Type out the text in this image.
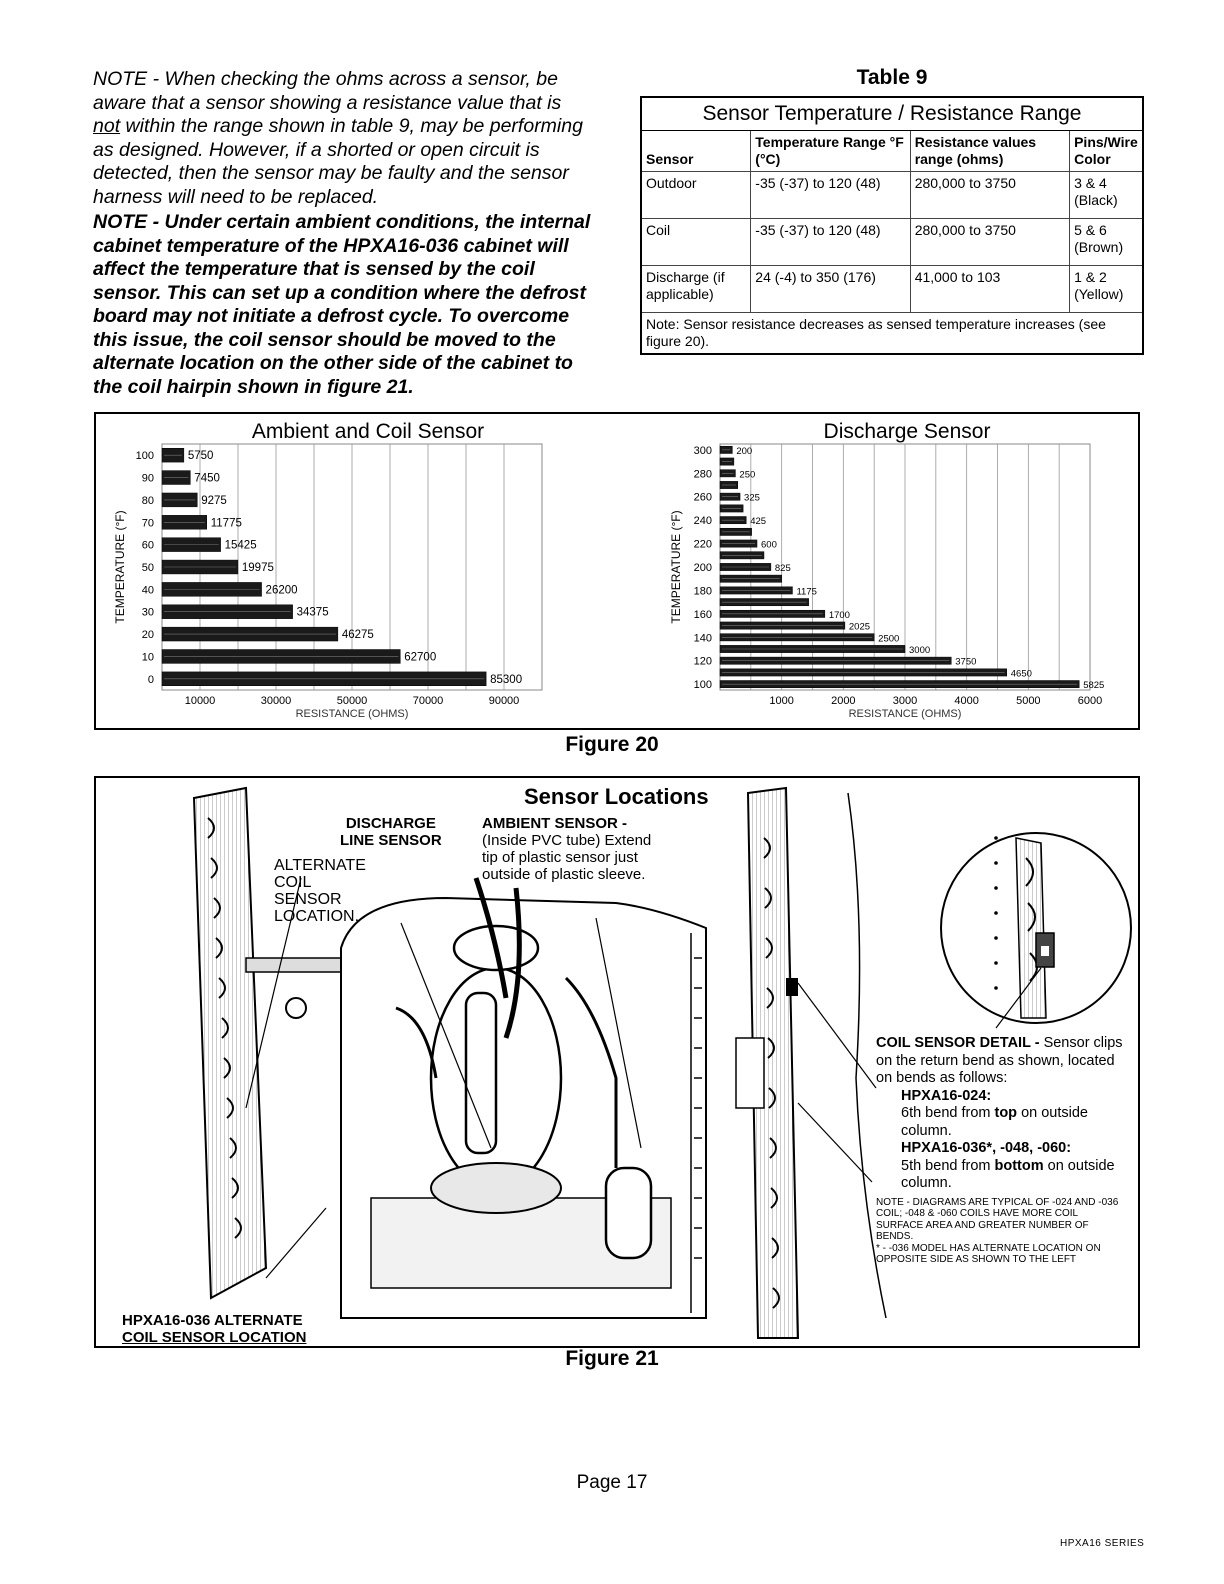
NOTE - When checking the ohms across a sensor, be aware that a sensor showing a resistance value that is not within the range shown in table 9, may be performing as designed. However, if a shorted or open circuit is detected, then the sensor may be faulty and the sensor harness will need to be replaced.
NOTE - Under certain ambient conditions, the internal cabinet temperature of the HPXA16-036 cabinet will affect the temperature that is sensed by the coil sensor. This can set up a condition where the defrost board may not initiate a defrost cycle. To overcome this issue, the coil sensor should be moved to the alternate location on the other side of the cabinet to the coil hairpin shown in figure 21.
Table 9
Sensor Temperature / Resistance Range			
Sensor	Temperature Range °F (°C)	Resistance values range (ohms)	Pins/Wire Color
Outdoor	-35 (-37) to 120 (48)	280,000 to 3750	3 & 4 (Black)
Coil	-35 (-37) to 120 (48)	280,000 to 3750	5 & 6 (Brown)
Discharge (if applicable)	24 (-4) to 350 (176)	41,000 to 103	1 & 2 (Yellow)
Note: Sensor resistance decreases as sensed temperature increases (see figure 20).			
Ambient and Coil Sensor
5750
7450
9275
11775
15425
19975
26200
34375
46275
62700
85300
100
90
80
70
60
50
40
30
20
10
0
10000	30000	50000	70000	90000
RESISTANCE (OHMS)
TEMPERATURE (°F)
Discharge Sensor
200
250
325
425
600
825
1175
1700
2025
2500
3000
3750
4650
5825
300
280
260
240
220
200
180
160
140
120
100
1000	2000	3000	4000	5000	6000
RESISTANCE (OHMS)
TEMPERATURE (°F)
Figure 20
Sensor Locations
DISCHARGE
LINE SENSOR
AMBIENT SENSOR -
(Inside PVC tube) Extend
tip of plastic sensor just
outside of plastic sleeve.
ALTERNATE
COIL
SENSOR
LOCATION.
HPXA16-036 ALTERNATE
COIL SENSOR LOCATION
COIL SENSOR DETAIL - Sensor clips on the return bend as shown, located on bends as follows:
HPXA16-024:
6th bend from top on outside column.
HPXA16-036*, -048, -060:
5th bend from bottom on outside column.
NOTE - DIAGRAMS ARE TYPICAL OF -024 AND -036 COIL; -048 & -060 COILS HAVE MORE COIL SURFACE AREA AND GREATER NUMBER OF BENDS.
* - -036 MODEL HAS ALTERNATE LOCATION ON OPPOSITE SIDE AS SHOWN TO THE LEFT
Figure 21
Page 17
HPXA16 SERIES
